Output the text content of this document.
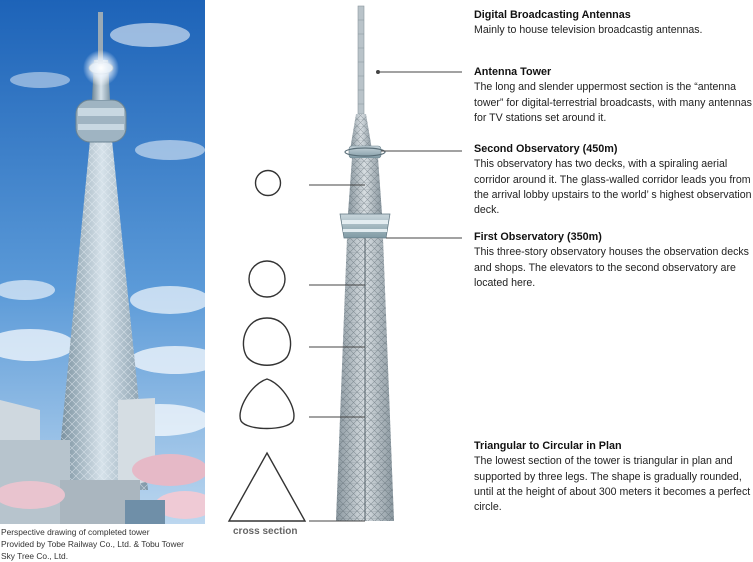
Perspective drawing of completed tower
Provided by Tobe Railway Co., Ltd. & Tobu Tower
Sky Tree Co., Ltd.
cross section
Digital Broadcasting Antennas

Mainly to house television broadcastig antennas.

Antenna Tower

The long and slender uppermost section is the “antenna tower” for digital-terrestrial broadcasts, with many antennas for TV stations set around it.

Second Observatory (450m)

This observatory has two decks, with a spiraling aerial corridor around it. The glass-walled corridor leads you from the arrival lobby upstairs to the world’ s highest observation deck.

First Observatory (350m)

This three-story observatory houses the observation decks and shops. The elevators to the second observatory are located here.

Triangular to Circular in Plan

The lowest section of the tower is triangular in plan and supported by three legs. The shape is gradually rounded, until at the height of about 300 meters it becomes a perfect circle.
